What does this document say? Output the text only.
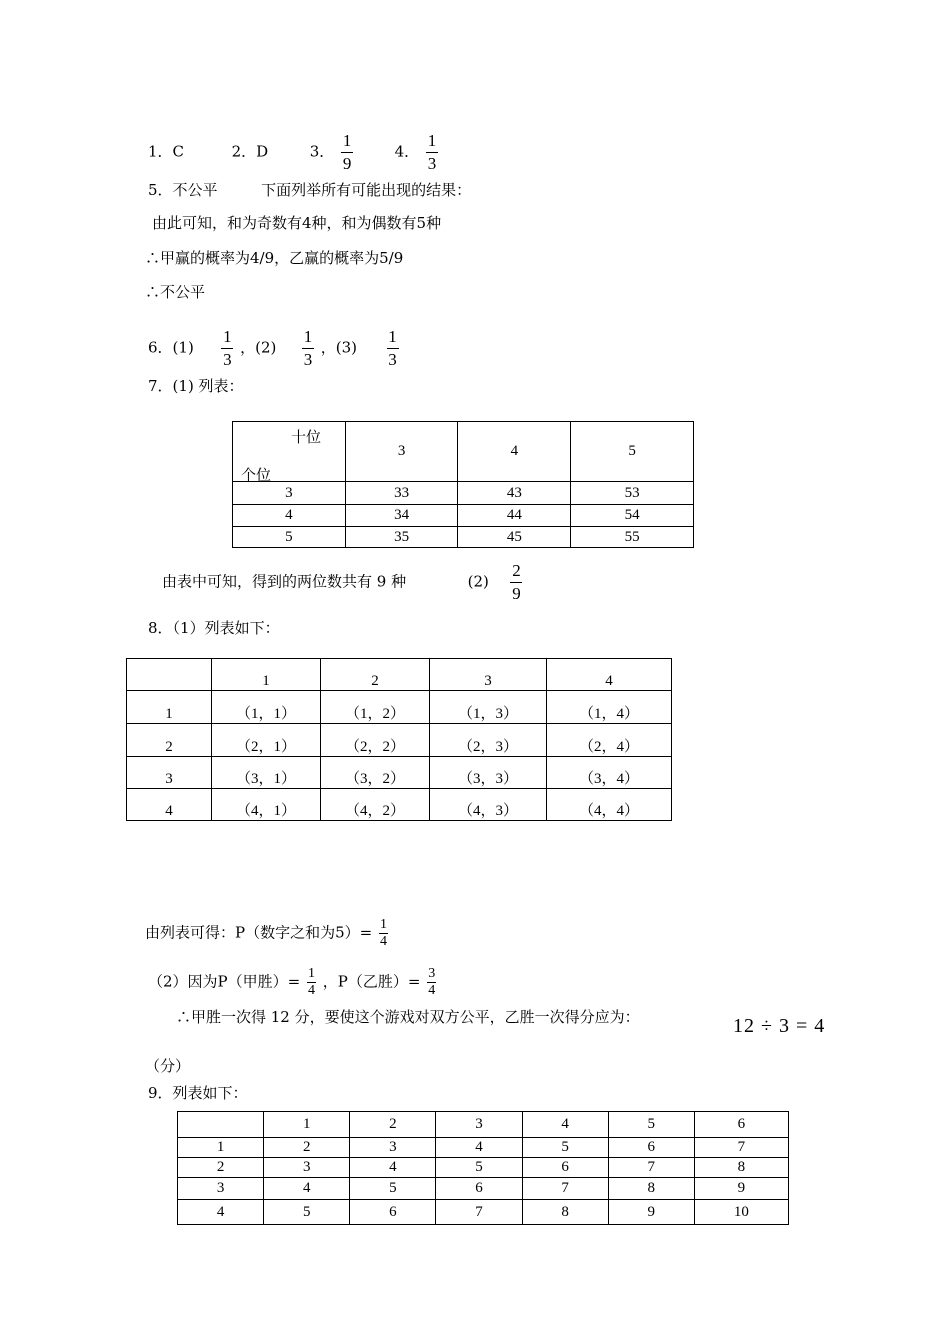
1．C	2．D	3． $\frac{1}{9}$	4． $\frac{1}{3}$
5．不公平	下面列举所有可能出现的结果：
由此可知，和为奇数有4种，和为偶数有5种
∴甲赢的概率为4/9，乙赢的概率为5/9
∴不公平
6．$(1) \frac{1}{3}$ ，$(2) \frac{1}{3}$ ，$(3) \frac{1}{3}$
7．(1) 列表：
十位
个位	3	4	5
3	33	43	53
4	34	44	54
5	35	45	55
由表中可知，得到的两位数共有 9 种	$(2) \frac{2}{9}$
8．（1）列表如下：
	1	2	3	4
1	（1，1）	（1，2）	（1，3）	（1，4）
2	（2，1）	（2，2）	（2，3）	（2，4）
3	（3，1）	（3，2）	（3，3）	（3，4）
4	（4，1）	（4，2）	（4，3）	（4，4）
由列表可得：P（数字之和为$5)= \frac{1}{4}$
（2）因为P（甲胜）= $\frac{1}{4}$ ，P（乙胜）= $\frac{3}{4}$
∴甲胜一次得 12 分，要使这个游戏对双方公平，乙胜一次得分应为：	12 ÷ 3 = 4
（分）
9．列表如下：
	1	2	3	4	5	6
1	2	3	4	5	6	7
2	3	4	5	6	7	8
3	4	5	6	7	8	9
4	5	6	7	8	9	10
